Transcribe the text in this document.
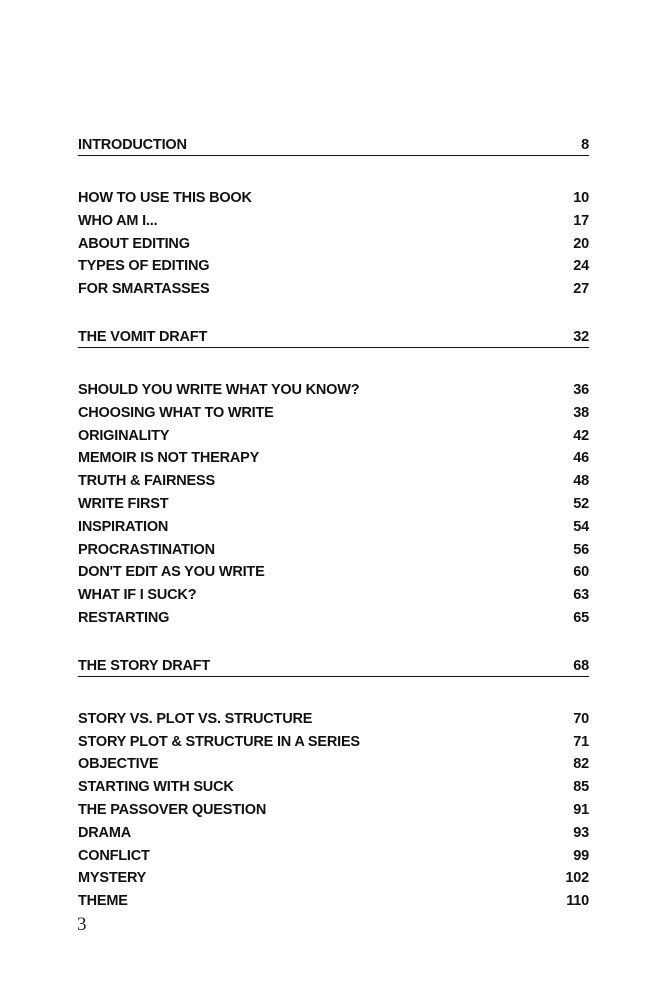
INTRODUCTION	8
HOW TO USE THIS BOOK	10
WHO AM I...	17
ABOUT EDITING	20
TYPES OF EDITING	24
FOR SMARTASSES	27
THE VOMIT DRAFT	32
SHOULD YOU WRITE WHAT YOU KNOW?	36
CHOOSING WHAT TO WRITE	38
ORIGINALITY	42
MEMOIR IS NOT THERAPY	46
TRUTH & FAIRNESS	48
WRITE FIRST	52
INSPIRATION	54
PROCRASTINATION	56
DON'T EDIT AS YOU WRITE	60
WHAT IF I SUCK?	63
RESTARTING	65
THE STORY DRAFT	68
STORY VS. PLOT VS. STRUCTURE	70
STORY PLOT & STRUCTURE IN A SERIES	71
OBJECTIVE	82
STARTING WITH SUCK	85
THE PASSOVER QUESTION	91
DRAMA	93
CONFLICT	99
MYSTERY	102
THEME	110
3
